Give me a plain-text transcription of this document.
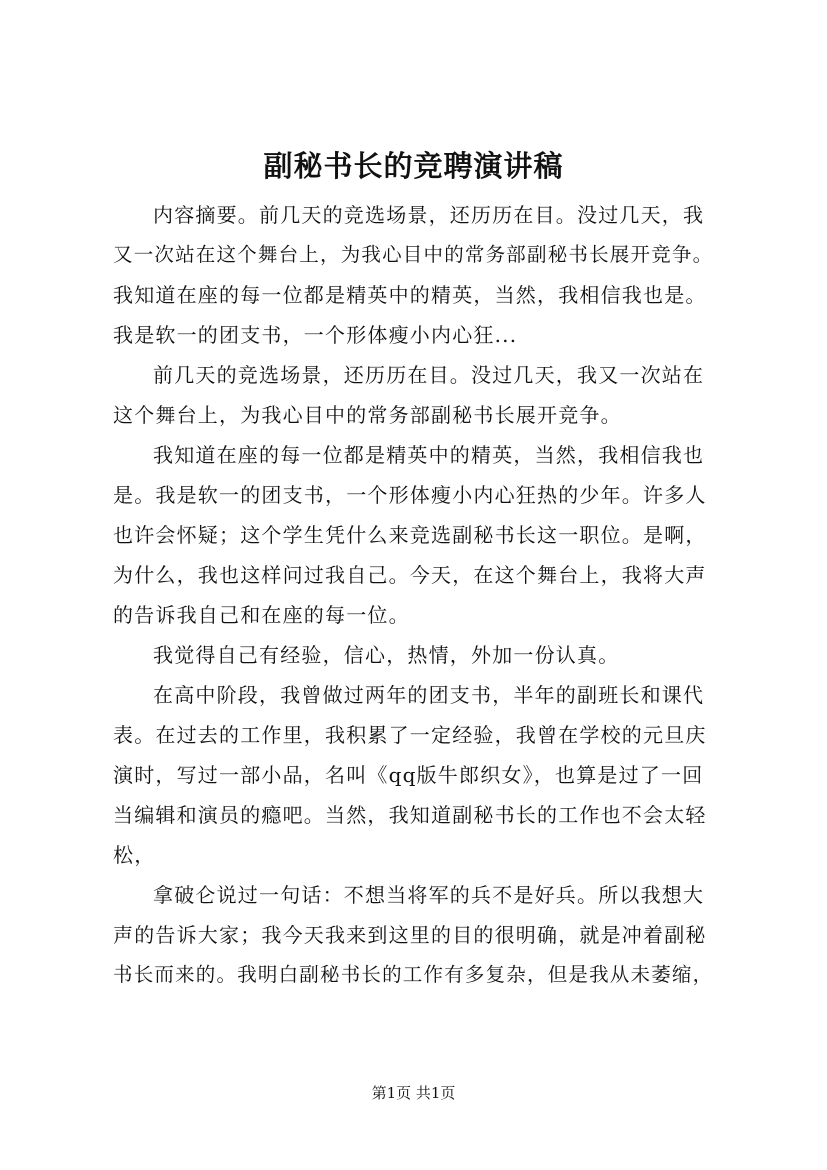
副秘书长的竞聘演讲稿

内容摘要。前几天的竞选场景，还历历在目。没过几天，我
又一次站在这个舞台上，为我心目中的常务部副秘书长展开竞争。
我知道在座的每一位都是精英中的精英，当然，我相信我也是。
我是软一的团支书，一个形体瘦小内心狂...

前几天的竞选场景，还历历在目。没过几天，我又一次站在
这个舞台上，为我心目中的常务部副秘书长展开竞争。

我知道在座的每一位都是精英中的精英，当然，我相信我也
是。我是软一的团支书，一个形体瘦小内心狂热的少年。许多人
也许会怀疑；这个学生凭什么来竞选副秘书长这一职位。是啊，
为什么，我也这样问过我自己。今天，在这个舞台上，我将大声
的告诉我自己和在座的每一位。

我觉得自己有经验，信心，热情，外加一份认真。

在高中阶段，我曾做过两年的团支书，半年的副班长和课代
表。在过去的工作里，我积累了一定经验，我曾在学校的元旦庆
演时，写过一部小品，名叫《qq版牛郎织女》，也算是过了一回
当编辑和演员的瘾吧。当然，我知道副秘书长的工作也不会太轻
松，

拿破仑说过一句话：不想当将军的兵不是好兵。所以我想大
声的告诉大家；我今天我来到这里的目的很明确，就是冲着副秘
书长而来的。我明白副秘书长的工作有多复杂，但是我从未萎缩，

第1页 共1页
